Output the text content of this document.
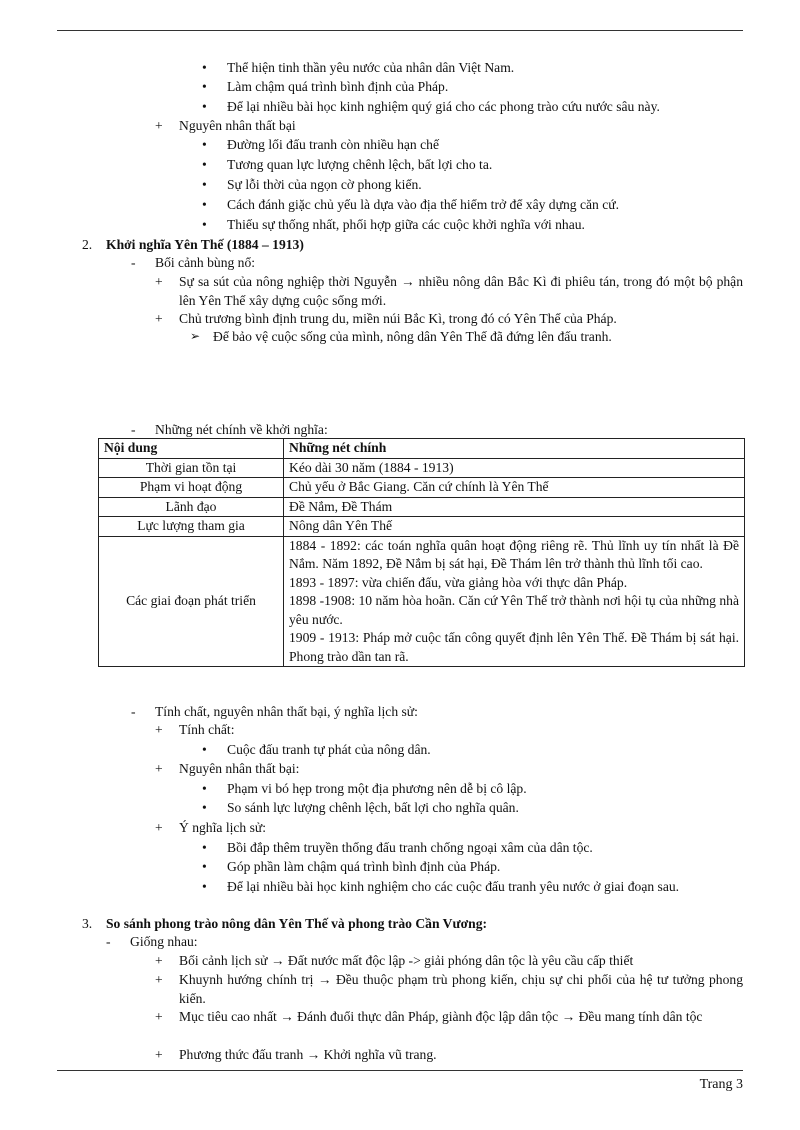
• Thể hiện tinh thần yêu nước của nhân dân Việt Nam.
• Làm chậm quá trình bình định của Pháp.
• Để lại nhiều bài học kinh nghiệm quý giá cho các phong trào cứu nước sâu này.
+ Nguyên nhân thất bại
• Đường lối đấu tranh còn nhiều hạn chế
• Tương quan lực lượng chênh lệch, bất lợi cho ta.
• Sự lỗi thời của ngọn cờ phong kiến.
• Cách đánh giặc chủ yếu là dựa vào địa thế hiểm trở để xây dựng căn cứ.
• Thiếu sự thống nhất, phối hợp giữa các cuộc khởi nghĩa với nhau.
2. Khởi nghĩa Yên Thế (1884 – 1913)
- Bối cảnh bùng nổ:
+ Sự sa sút của nông nghiệp thời Nguyễn → nhiều nông dân Bắc Kì đi phiêu tán, trong đó một bộ phận lên Yên Thế xây dựng cuộc sống mới.
+ Chủ trương bình định trung du, miền núi Bắc Kì, trong đó có Yên Thế của Pháp.
➢ Để bảo vệ cuộc sống của mình, nông dân Yên Thế đã đứng lên đấu tranh.
- Những nét chính về khởi nghĩa:
Nội dung	Những nét chính
Thời gian tồn tại	Kéo dài 30 năm (1884 - 1913)
Phạm vi hoạt động	Chủ yếu ở Bắc Giang. Căn cứ chính là Yên Thế
Lãnh đạo	Đề Nắm, Đề Thám
Lực lượng tham gia	Nông dân Yên Thế
Các giai đoạn phát triển	1884 - 1892: các toán nghĩa quân hoạt động riêng rẽ. Thủ lĩnh uy tín nhất là Đề Nắm. Năm 1892, Đề Nắm bị sát hại, Đề Thám lên trở thành thủ lĩnh tối cao.
1893 - 1897: vừa chiến đấu, vừa giảng hòa với thực dân Pháp.
1898 -1908: 10 năm hòa hoãn. Căn cứ Yên Thế trở thành nơi hội tụ của những nhà yêu nước.
1909 - 1913: Pháp mở cuộc tấn công quyết định lên Yên Thế. Đề Thám bị sát hại. Phong trào dần tan rã.
- Tính chất, nguyên nhân thất bại, ý nghĩa lịch sử:
+ Tính chất:
• Cuộc đấu tranh tự phát của nông dân.
+ Nguyên nhân thất bại:
• Phạm vi bó hẹp trong một địa phương nên dễ bị cô lập.
• So sánh lực lượng chênh lệch, bất lợi cho nghĩa quân.
+ Ý nghĩa lịch sử:
• Bồi đắp thêm truyền thống đấu tranh chống ngoại xâm của dân tộc.
• Góp phần làm chậm quá trình bình định của Pháp.
• Để lại nhiều bài học kinh nghiệm cho các cuộc đấu tranh yêu nước ở giai đoạn sau.
3. So sánh phong trào nông dân Yên Thế và phong trào Cần Vương:
- Giống nhau:
+ Bối cảnh lịch sử → Đất nước mất độc lập -> giải phóng dân tộc là yêu cầu cấp thiết
+ Khuynh hướng chính trị → Đều thuộc phạm trù phong kiến, chịu sự chi phối của hệ tư tưởng phong kiến.
+ Mục tiêu cao nhất → Đánh đuổi thực dân Pháp, giành độc lập dân tộc → Đều mang tính dân tộc
+ Phương thức đấu tranh → Khởi nghĩa vũ trang.
Trang 3
